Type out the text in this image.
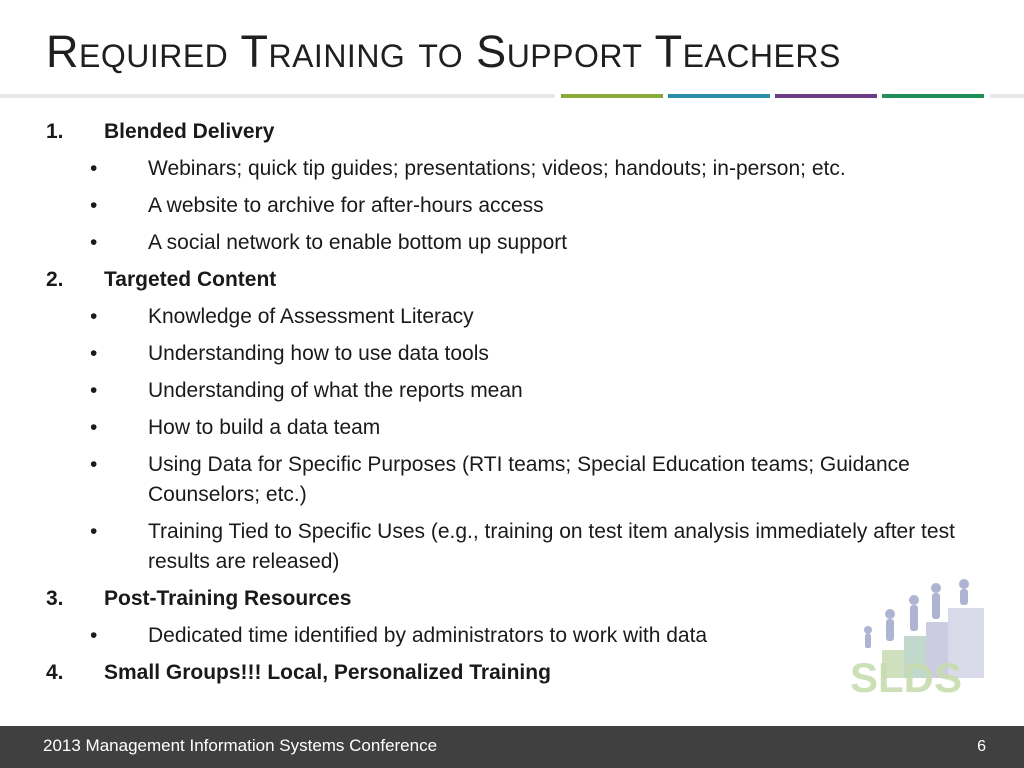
Required Training to Support Teachers
1. Blended Delivery
• Webinars; quick tip guides; presentations; videos; handouts; in-person; etc.
• A website to archive for after-hours access
• A social network to enable bottom up support
2. Targeted Content
• Knowledge of Assessment Literacy
• Understanding how to use data tools
• Understanding of what the reports mean
• How to build a data team
• Using Data for Specific Purposes (RTI teams; Special Education teams; Guidance Counselors; etc.)
• Training Tied to Specific Uses (e.g., training on test item analysis immediately after test results are released)
3. Post-Training Resources
• Dedicated time identified by administrators to work with data
4. Small Groups!!! Local, Personalized Training	SLDS
2013 Management Information Systems Conference	6
